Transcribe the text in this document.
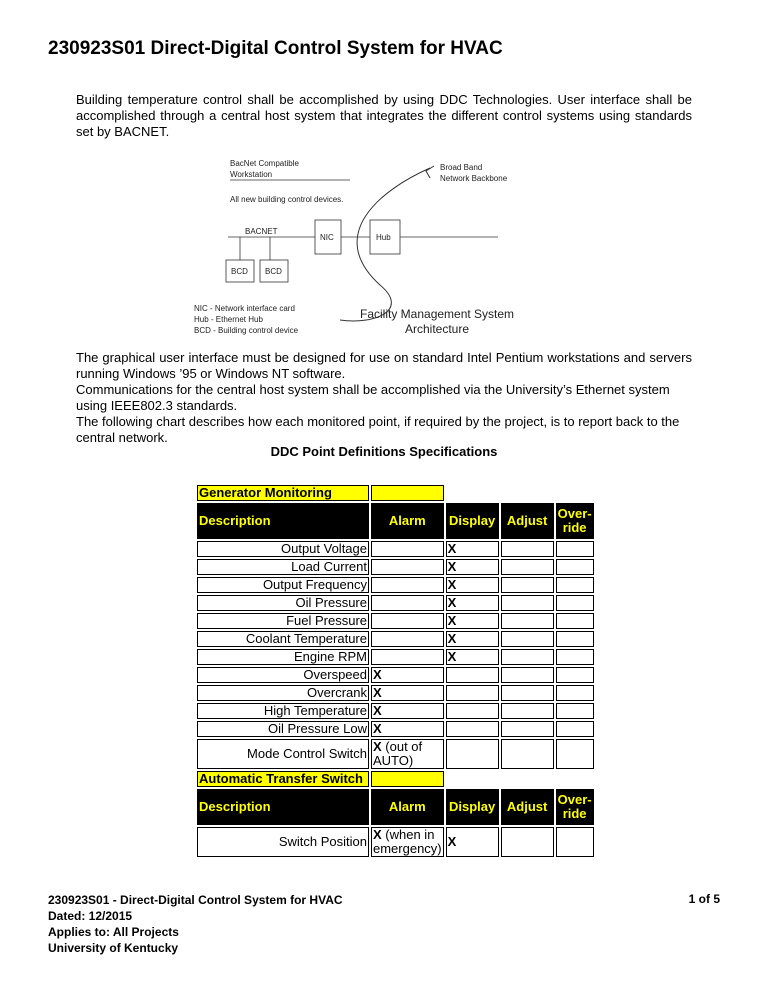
230923S01 Direct-Digital Control System for HVAC

Building temperature control shall be accomplished by using DDC Technologies. User interface shall be accomplished through a central host system that integrates the different control systems using standards set by BACNET.

BacNet Compatible
Workstation
Broad Band
Network Backbone
All new building control devices.
BACNET
NIC	Hub
BCD BCD
NIC - Network interface card
Hub - Ethernet Hub
BCD - Building control device
Facility Management System
Architecture

The graphical user interface must be designed for use on standard Intel Pentium workstations and servers running Windows ’95 or Windows NT software.

Communications for the central host system shall be accomplished via the University’s Ethernet system using IEEE802.3 standards.

The following chart describes how each monitored point, if required by the project, is to report back to the central network.

DDC Point Definitions Specifications
Generator Monitoring				
Description	Alarm	Display	Adjust	Over-
ride
Output Voltage		X		
Load Current		X		
Output Frequency		X		
Oil Pressure		X		
Fuel Pressure		X		
Coolant Temperature		X		
Engine RPM		X		
Overspeed	X			
Overcrank	X			
High Temperature	X			
Oil Pressure Low	X			
Mode Control Switch	X (out of AUTO)			
Automatic Transfer Switch				
Description	Alarm	Display	Adjust	Over-
ride
Switch Position	X (when in emergency)	X		
230923S01 - Direct-Digital Control System for HVAC
Dated: 12/2015
Applies to: All Projects
University of Kentucky
1 of 5
